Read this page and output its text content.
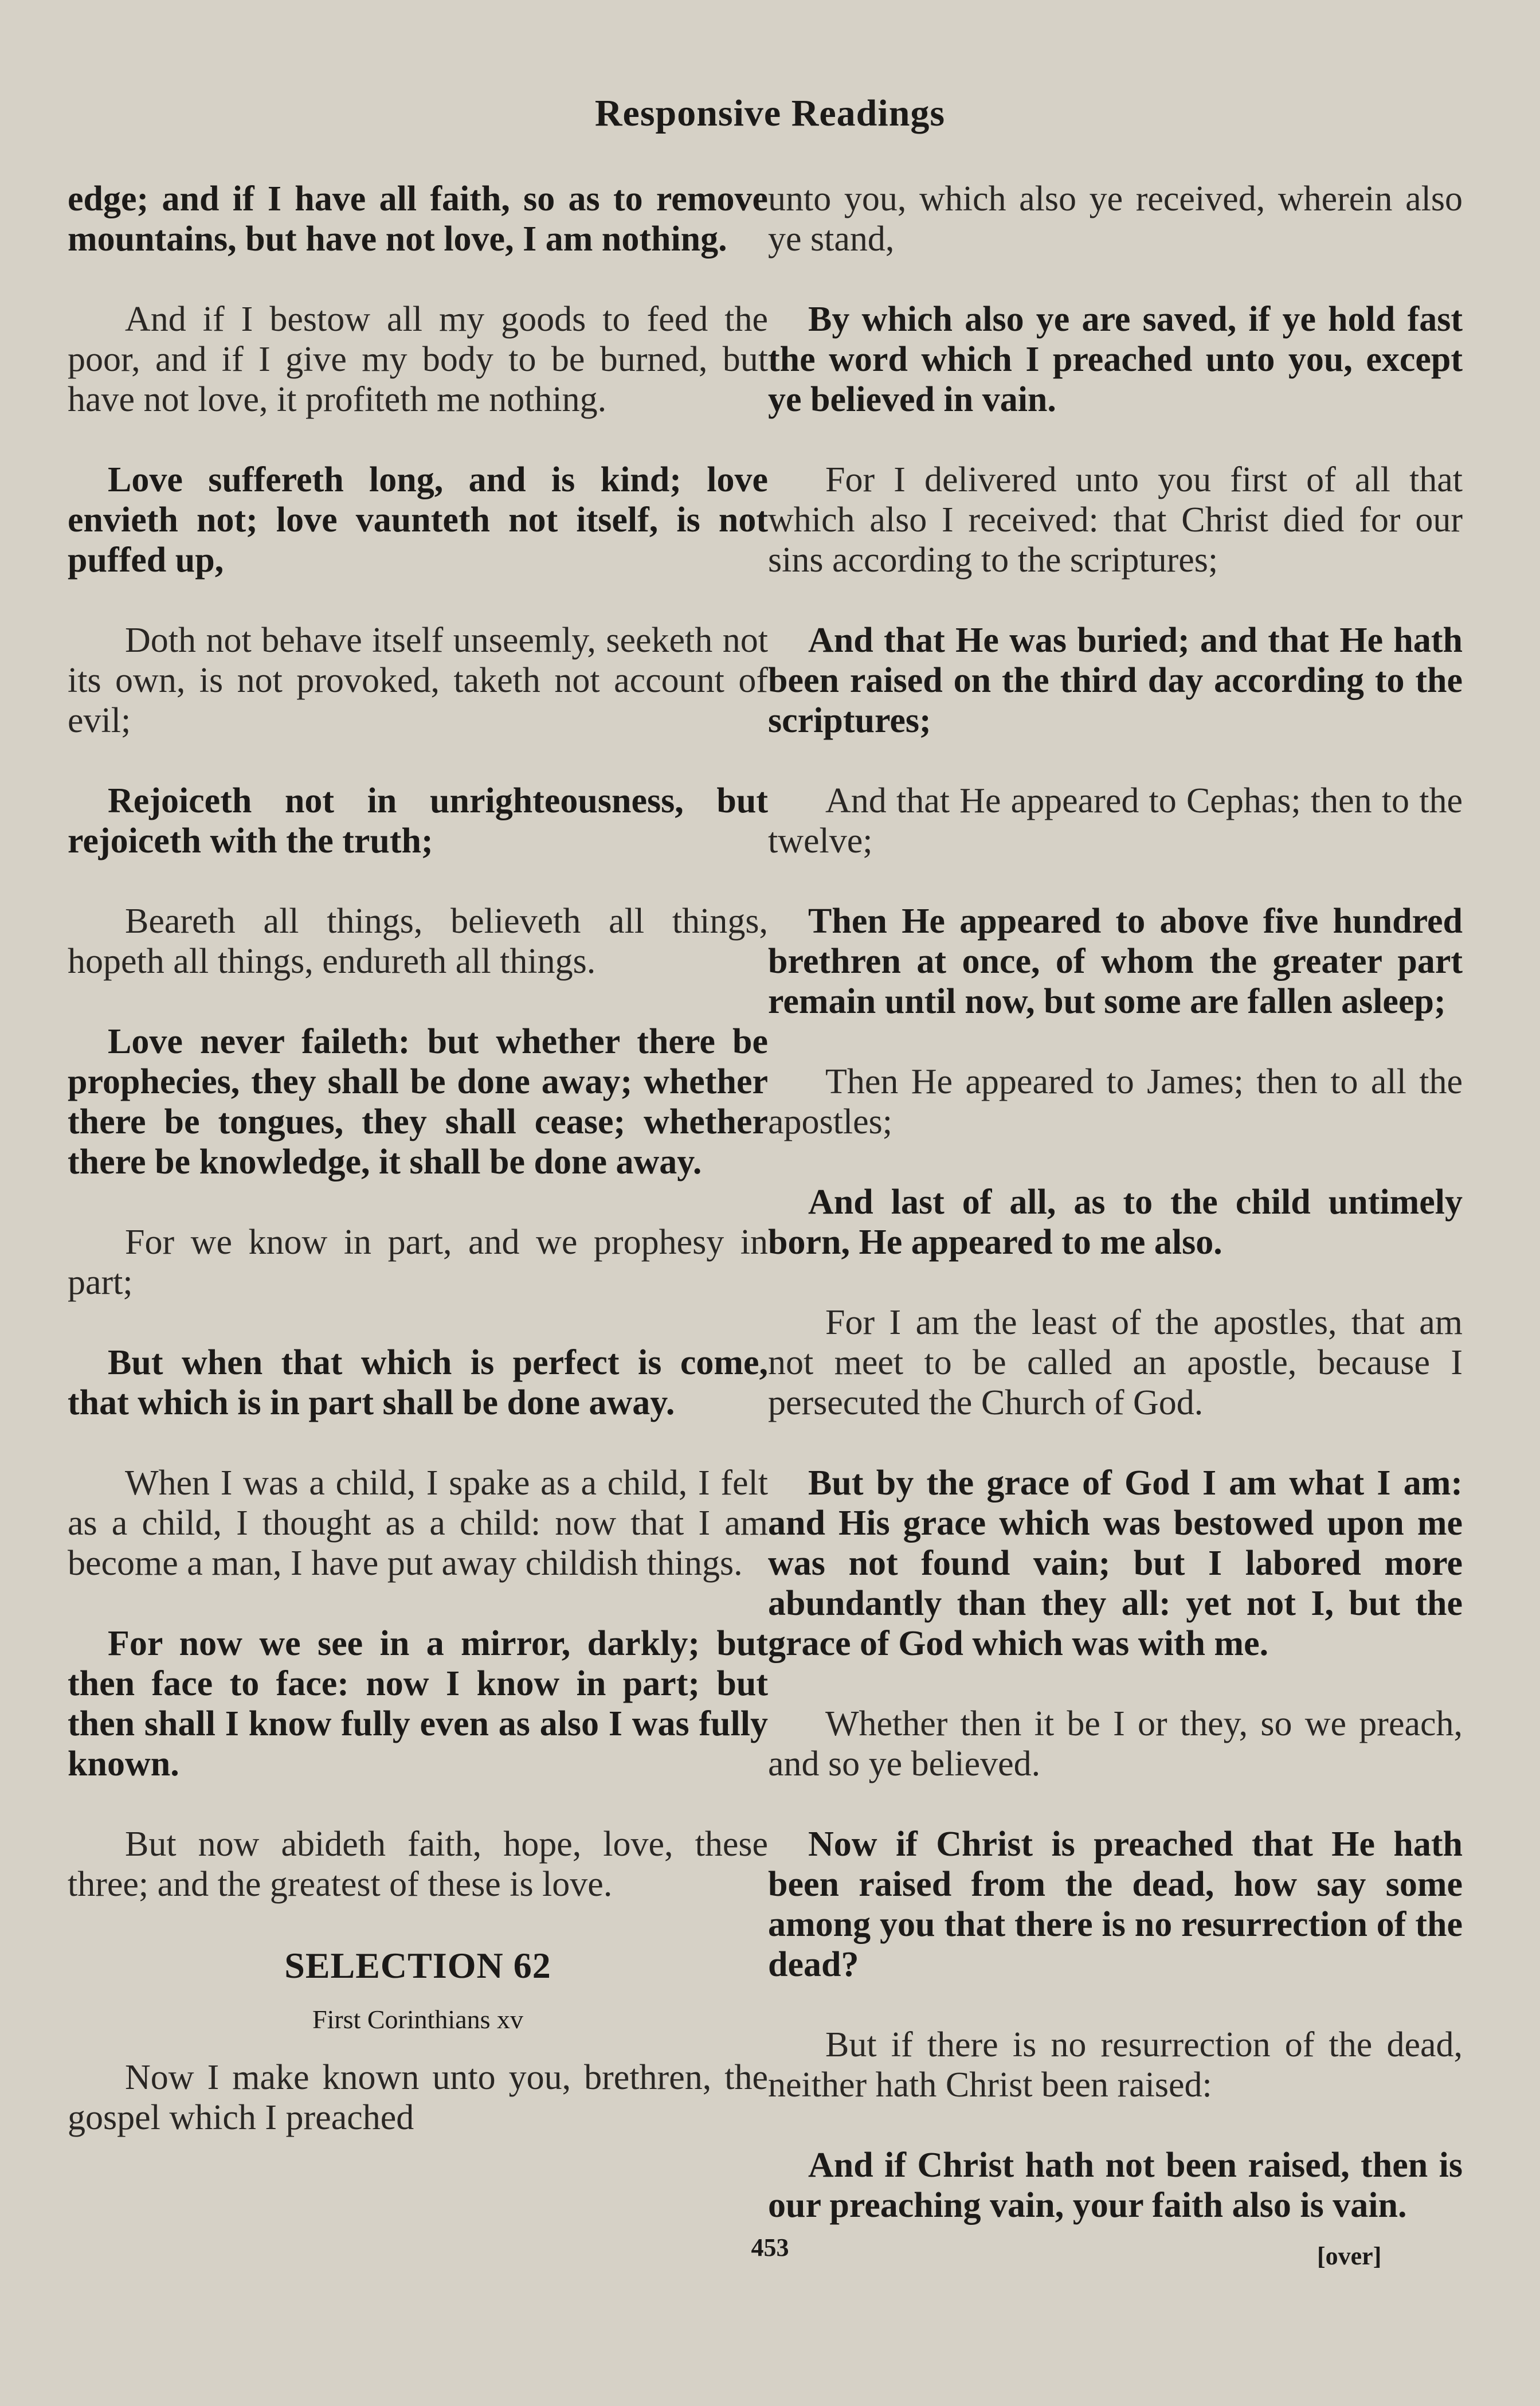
Responsive Readings

edge; and if I have all faith, so as to remove mountains, but have not love, I am nothing.

And if I bestow all my goods to feed the poor, and if I give my body to be burned, but have not love, it profiteth me nothing.

Love suffereth long, and is kind; love envieth not; love vaunteth not itself, is not puffed up,

Doth not behave itself unseemly, seeketh not its own, is not provoked, taketh not account of evil;

Rejoiceth not in unrighteousness, but rejoiceth with the truth;

Beareth all things, believeth all things, hopeth all things, endureth all things.

Love never faileth: but whether there be prophecies, they shall be done away; whether there be tongues, they shall cease; whether there be knowledge, it shall be done away.

For we know in part, and we prophesy in part;

But when that which is perfect is come, that which is in part shall be done away.

When I was a child, I spake as a child, I felt as a child, I thought as a child: now that I am become a man, I have put away childish things.

For now we see in a mirror, darkly; but then face to face: now I know in part; but then shall I know fully even as also I was fully known.

But now abideth faith, hope, love, these three; and the greatest of these is love.

SELECTION 62
First Corinthians xv

Now I make known unto you, brethren, the gospel which I preached

unto you, which also ye received, wherein also ye stand,

By which also ye are saved, if ye hold fast the word which I preached unto you, except ye believed in vain.

For I delivered unto you first of all that which also I received: that Christ died for our sins according to the scriptures;

And that He was buried; and that He hath been raised on the third day according to the scriptures;

And that He appeared to Cephas; then to the twelve;

Then He appeared to above five hundred brethren at once, of whom the greater part remain until now, but some are fallen asleep;

Then He appeared to James; then to all the apostles;

And last of all, as to the child untimely born, He appeared to me also.

For I am the least of the apostles, that am not meet to be called an apostle, because I persecuted the Church of God.

But by the grace of God I am what I am: and His grace which was bestowed upon me was not found vain; but I labored more abundantly than they all: yet not I, but the grace of God which was with me.

Whether then it be I or they, so we preach, and so ye believed.

Now if Christ is preached that He hath been raised from the dead, how say some among you that there is no resurrection of the dead?

But if there is no resurrection of the dead, neither hath Christ been raised:

And if Christ hath not been raised, then is our preaching vain, your faith also is vain.

453	[over]
